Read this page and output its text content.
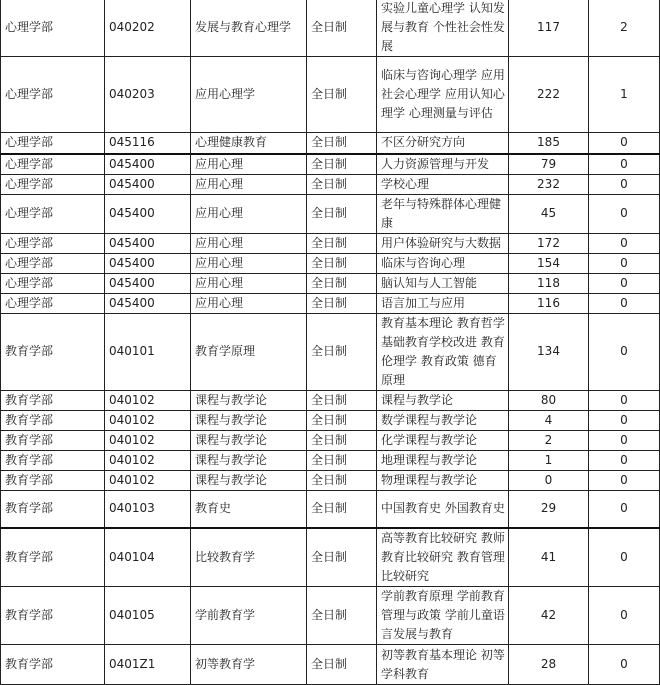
心理学部	040202	发展与教育心理学	全日制	实验儿童心理学 认知发展与教育 个性社会性发展	117	2
心理学部	040203	应用心理学	全日制	临床与咨询心理学 应用社会心理学 应用认知心理学 心理测量与评估	222	1
心理学部	045116	心理健康教育	全日制	不区分研究方向	185	0
心理学部	045400	应用心理	全日制	人力资源管理与开发	79	0
心理学部	045400	应用心理	全日制	学校心理	232	0
心理学部	045400	应用心理	全日制	老年与特殊群体心理健康	45	0
心理学部	045400	应用心理	全日制	用户体验研究与大数据	172	0
心理学部	045400	应用心理	全日制	临床与咨询心理	154	0
心理学部	045400	应用心理	全日制	脑认知与人工智能	118	0
心理学部	045400	应用心理	全日制	语言加工与应用	116	0
教育学部	040101	教育学原理	全日制	教育基本理论 教育哲学 基础教育学校改进 教育伦理学 教育政策 德育原理	134	0
教育学部	040102	课程与教学论	全日制	课程与教学论	80	0
教育学部	040102	课程与教学论	全日制	数学课程与教学论	4	0
教育学部	040102	课程与教学论	全日制	化学课程与教学论	2	0
教育学部	040102	课程与教学论	全日制	地理课程与教学论	1	0
教育学部	040102	课程与教学论	全日制	物理课程与教学论	0	0
教育学部	040103	教育史	全日制	中国教育史 外国教育史	29	0
教育学部	040104	比较教育学	全日制	高等教育比较研究 教师教育比较研究 教育管理比较研究	41	0
教育学部	040105	学前教育学	全日制	学前教育原理 学前教育管理与政策 学前儿童语言发展与教育	42	0
教育学部	0401Z1	初等教育学	全日制	初等教育基本理论 初等学科教育	28	0
